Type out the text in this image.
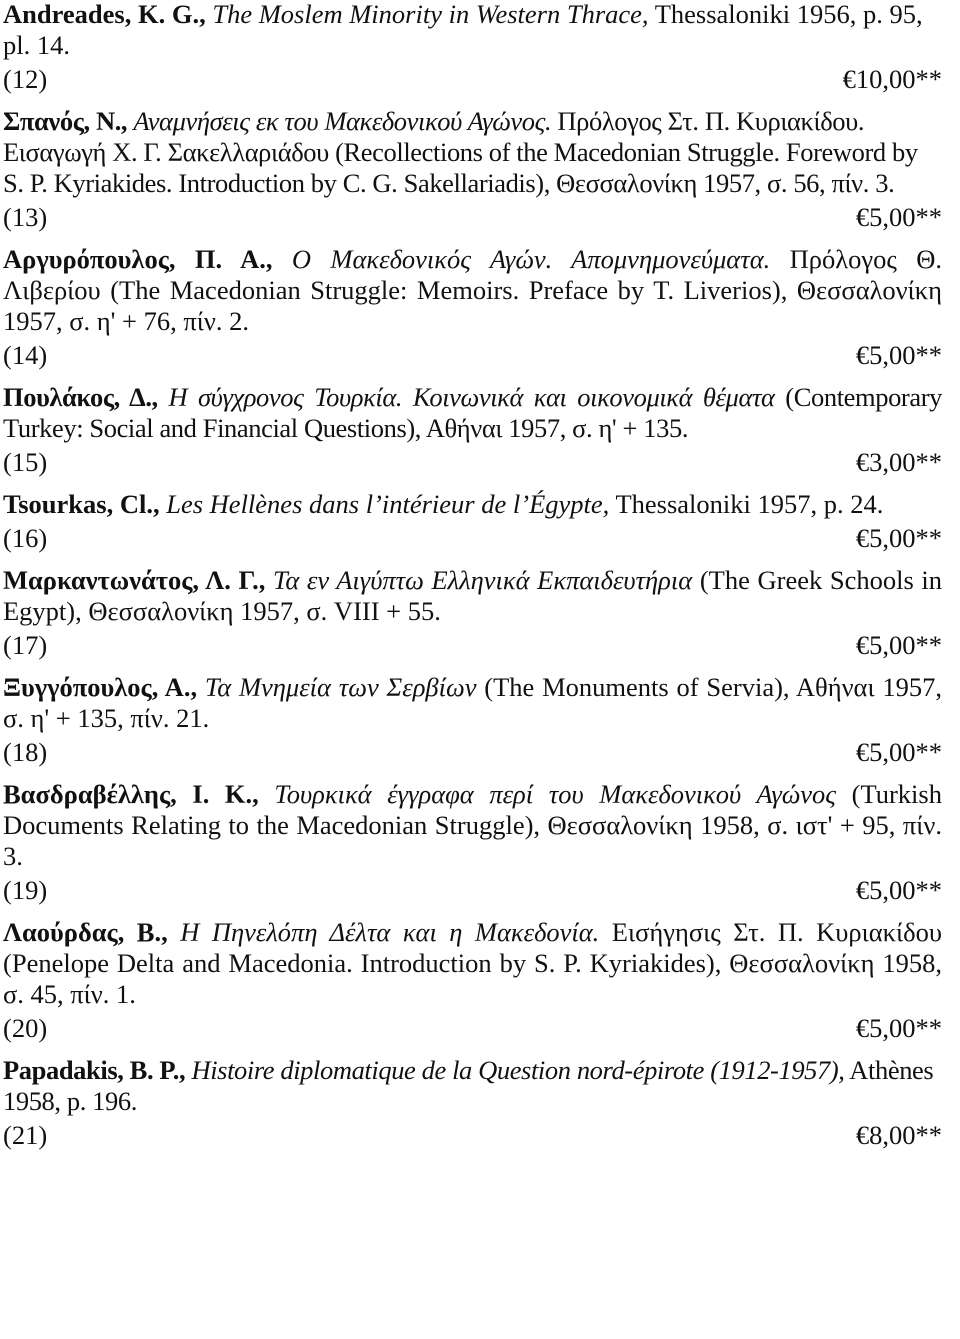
Andreades, K. G., The Moslem Minority in Western Thrace, Thessaloniki 1956, p. 95, pl. 14.

(12)	€10,00**

Σπανός, Ν., Αναμνήσεις εκ του Μακεδονικού Αγώνος. Πρόλογος Στ. Π. Κυριακίδου. Εισαγωγή Χ. Γ. Σακελλαριάδου (Recollections of the Macedonian Struggle. Foreword by S. P. Kyriakides. Introduction by C. G. Sakellariadis), Θεσσαλονίκη 1957, σ. 56, πίν. 3.

(13)	€5,00**

Αργυρόπουλος, Π. Α., Ο Μακεδονικός Αγών. Απομνημονεύματα. Πρόλογος Θ. Λιβερίου (The Macedonian Struggle: Memoirs. Preface by T. Liverios), Θεσσαλονίκη 1957, σ. η' + 76, πίν. 2.

(14)	€5,00**

Πουλάκος, Δ., Η σύγχρονος Τουρκία. Κοινωνικά και οικονομικά θέματα (Contemporary Turkey: Social and Financial Questions), Αθήναι 1957, σ. η' + 135.

(15)	€3,00**

Tsourkas, Cl., Les Hellènes dans l’intérieur de l’Égypte, Thessaloniki 1957, p. 24.

(16)	€5,00**

Μαρκαντωνάτος, Λ. Γ., Τα εν Αιγύπτω Ελληνικά Εκπαιδευτήρια (The Greek Schools in Egypt), Θεσσαλονίκη 1957, σ. VIII + 55.

(17)	€5,00**

Ξυγγόπουλος, Α., Τα Μνημεία των Σερβίων (The Monuments of Servia), Αθήναι 1957, σ. η' + 135, πίν. 21.

(18)	€5,00**

Βασδραβέλλης, Ι. Κ., Τουρκικά έγγραφα περί του Μακεδονικού Αγώνος (Turkish Documents Relating to the Macedonian Struggle), Θεσσαλονίκη 1958, σ. ιστ' + 95, πίν. 3.

(19)	€5,00**

Λαούρδας, Β., Η Πηνελόπη Δέλτα και η Μακεδονία. Εισήγησις Στ. Π. Κυριακίδου (Penelope Delta and Macedonia. Introduction by S. P. Kyriakides), Θεσσαλονίκη 1958, σ. 45, πίν. 1.

(20)	€5,00**

Papadakis, B. P., Histoire diplomatique de la Question nord-épirote (1912-1957), Athènes 1958, p. 196.

(21)	€8,00**
